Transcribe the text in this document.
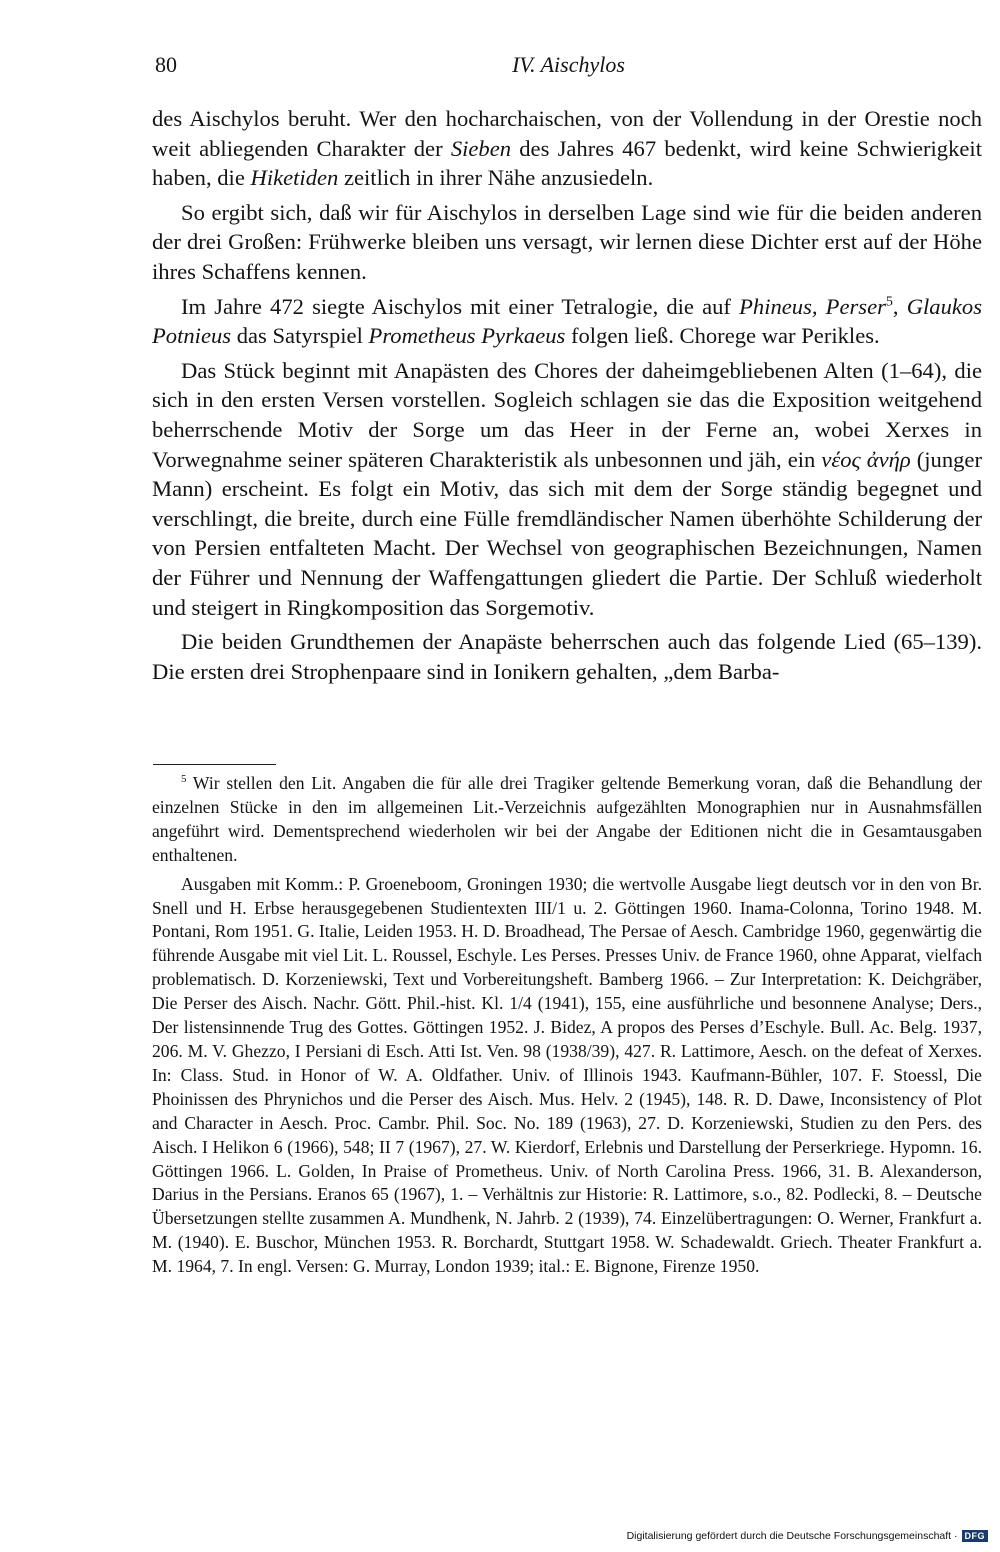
80	IV. Aischylos

des Aischylos beruht. Wer den hocharchaischen, von der Vollendung in der Orestie noch weit abliegenden Charakter der Sieben des Jahres 467 bedenkt, wird keine Schwierigkeit haben, die Hiketiden zeitlich in ihrer Nähe anzusiedeln.

So ergibt sich, daß wir für Aischylos in derselben Lage sind wie für die beiden anderen der drei Großen: Frühwerke bleiben uns versagt, wir lernen diese Dichter erst auf der Höhe ihres Schaffens kennen.

Im Jahre 472 siegte Aischylos mit einer Tetralogie, die auf Phineus, Perser$^5$, Glaukos Potnieus das Satyrspiel Prometheus Pyrkaeus folgen ließ. Chorege war Perikles.

Das Stück beginnt mit Anapästen des Chores der daheimgebliebenen Alten (1–64), die sich in den ersten Versen vorstellen. Sogleich schlagen sie das die Exposition weitgehend beherrschende Motiv der Sorge um das Heer in der Ferne an, wobei Xerxes in Vorwegnahme seiner späteren Charakteristik als unbesonnen und jäh, ein νέος ἀνήρ (junger Mann) erscheint. Es folgt ein Motiv, das sich mit dem der Sorge ständig begegnet und verschlingt, die breite, durch eine Fülle fremdländischer Namen überhöhte Schilderung der von Persien entfalteten Macht. Der Wechsel von geographischen Bezeichnungen, Namen der Führer und Nennung der Waffengattungen gliedert die Partie. Der Schluß wiederholt und steigert in Ringkomposition das Sorgemotiv.

Die beiden Grundthemen der Anapäste beherrschen auch das folgende Lied (65–139). Die ersten drei Strophenpaare sind in Ionikern gehalten, „dem Barba-

$^5$ Wir stellen den Lit. Angaben die für alle drei Tragiker geltende Bemerkung voran, daß die Behandlung der einzelnen Stücke in den im allgemeinen Lit.-Verzeichnis aufgezählten Monographien nur in Ausnahmsfällen angeführt wird. Dementsprechend wiederholen wir bei der Angabe der Editionen nicht die in Gesamtausgaben enthaltenen.

Ausgaben mit Komm.: P. Groeneboom, Groningen 1930; die wertvolle Ausgabe liegt deutsch vor in den von Br. Snell und H. Erbse herausgegebenen Studientexten III/1 u. 2. Göttingen 1960. Inama-Colonna, Torino 1948. M. Pontani, Rom 1951. G. Italie, Leiden 1953. H. D. Broadhead, The Persae of Aesch. Cambridge 1960, gegenwärtig die führende Ausgabe mit viel Lit. L. Roussel, Eschyle. Les Perses. Presses Univ. de France 1960, ohne Apparat, vielfach problematisch. D. Korzeniewski, Text und Vorbereitungsheft. Bamberg 1966. – Zur Interpretation: K. Deichgräber, Die Perser des Aisch. Nachr. Gött. Phil.-hist. Kl. 1/4 (1941), 155, eine ausführliche und besonnene Analyse; Ders., Der listensinnende Trug des Gottes. Göttingen 1952. J. Bidez, A propos des Perses d’Eschyle. Bull. Ac. Belg. 1937, 206. M. V. Ghezzo, I Persiani di Esch. Atti Ist. Ven. 98 (1938/39), 427. R. Lattimore, Aesch. on the defeat of Xerxes. In: Class. Stud. in Honor of W. A. Oldfather. Univ. of Illinois 1943. Kaufmann-Bühler, 107. F. Stoessl, Die Phoinissen des Phrynichos und die Perser des Aisch. Mus. Helv. 2 (1945), 148. R. D. Dawe, Inconsistency of Plot and Character in Aesch. Proc. Cambr. Phil. Soc. No. 189 (1963), 27. D. Korzeniewski, Studien zu den Pers. des Aisch. I Helikon 6 (1966), 548; II 7 (1967), 27. W. Kierdorf, Erlebnis und Darstellung der Perserkriege. Hypomn. 16. Göttingen 1966. L. Golden, In Praise of Prometheus. Univ. of North Carolina Press. 1966, 31. B. Alexanderson, Darius in the Persians. Eranos 65 (1967), 1. – Verhältnis zur Historie: R. Lattimore, s.o., 82. Podlecki, 8. – Deutsche Übersetzungen stellte zusammen A. Mundhenk, N. Jahrb. 2 (1939), 74. Einzelübertragungen: O. Werner, Frankfurt a. M. (1940). E. Buschor, München 1953. R. Borchardt, Stuttgart 1958. W. Schadewaldt. Griech. Theater Frankfurt a. M. 1964, 7. In engl. Versen: G. Murray, London 1939; ital.: E. Bignone, Firenze 1950.

Digitalisierung gefördert durch die Deutsche Forschungsgemeinschaft · DFG
